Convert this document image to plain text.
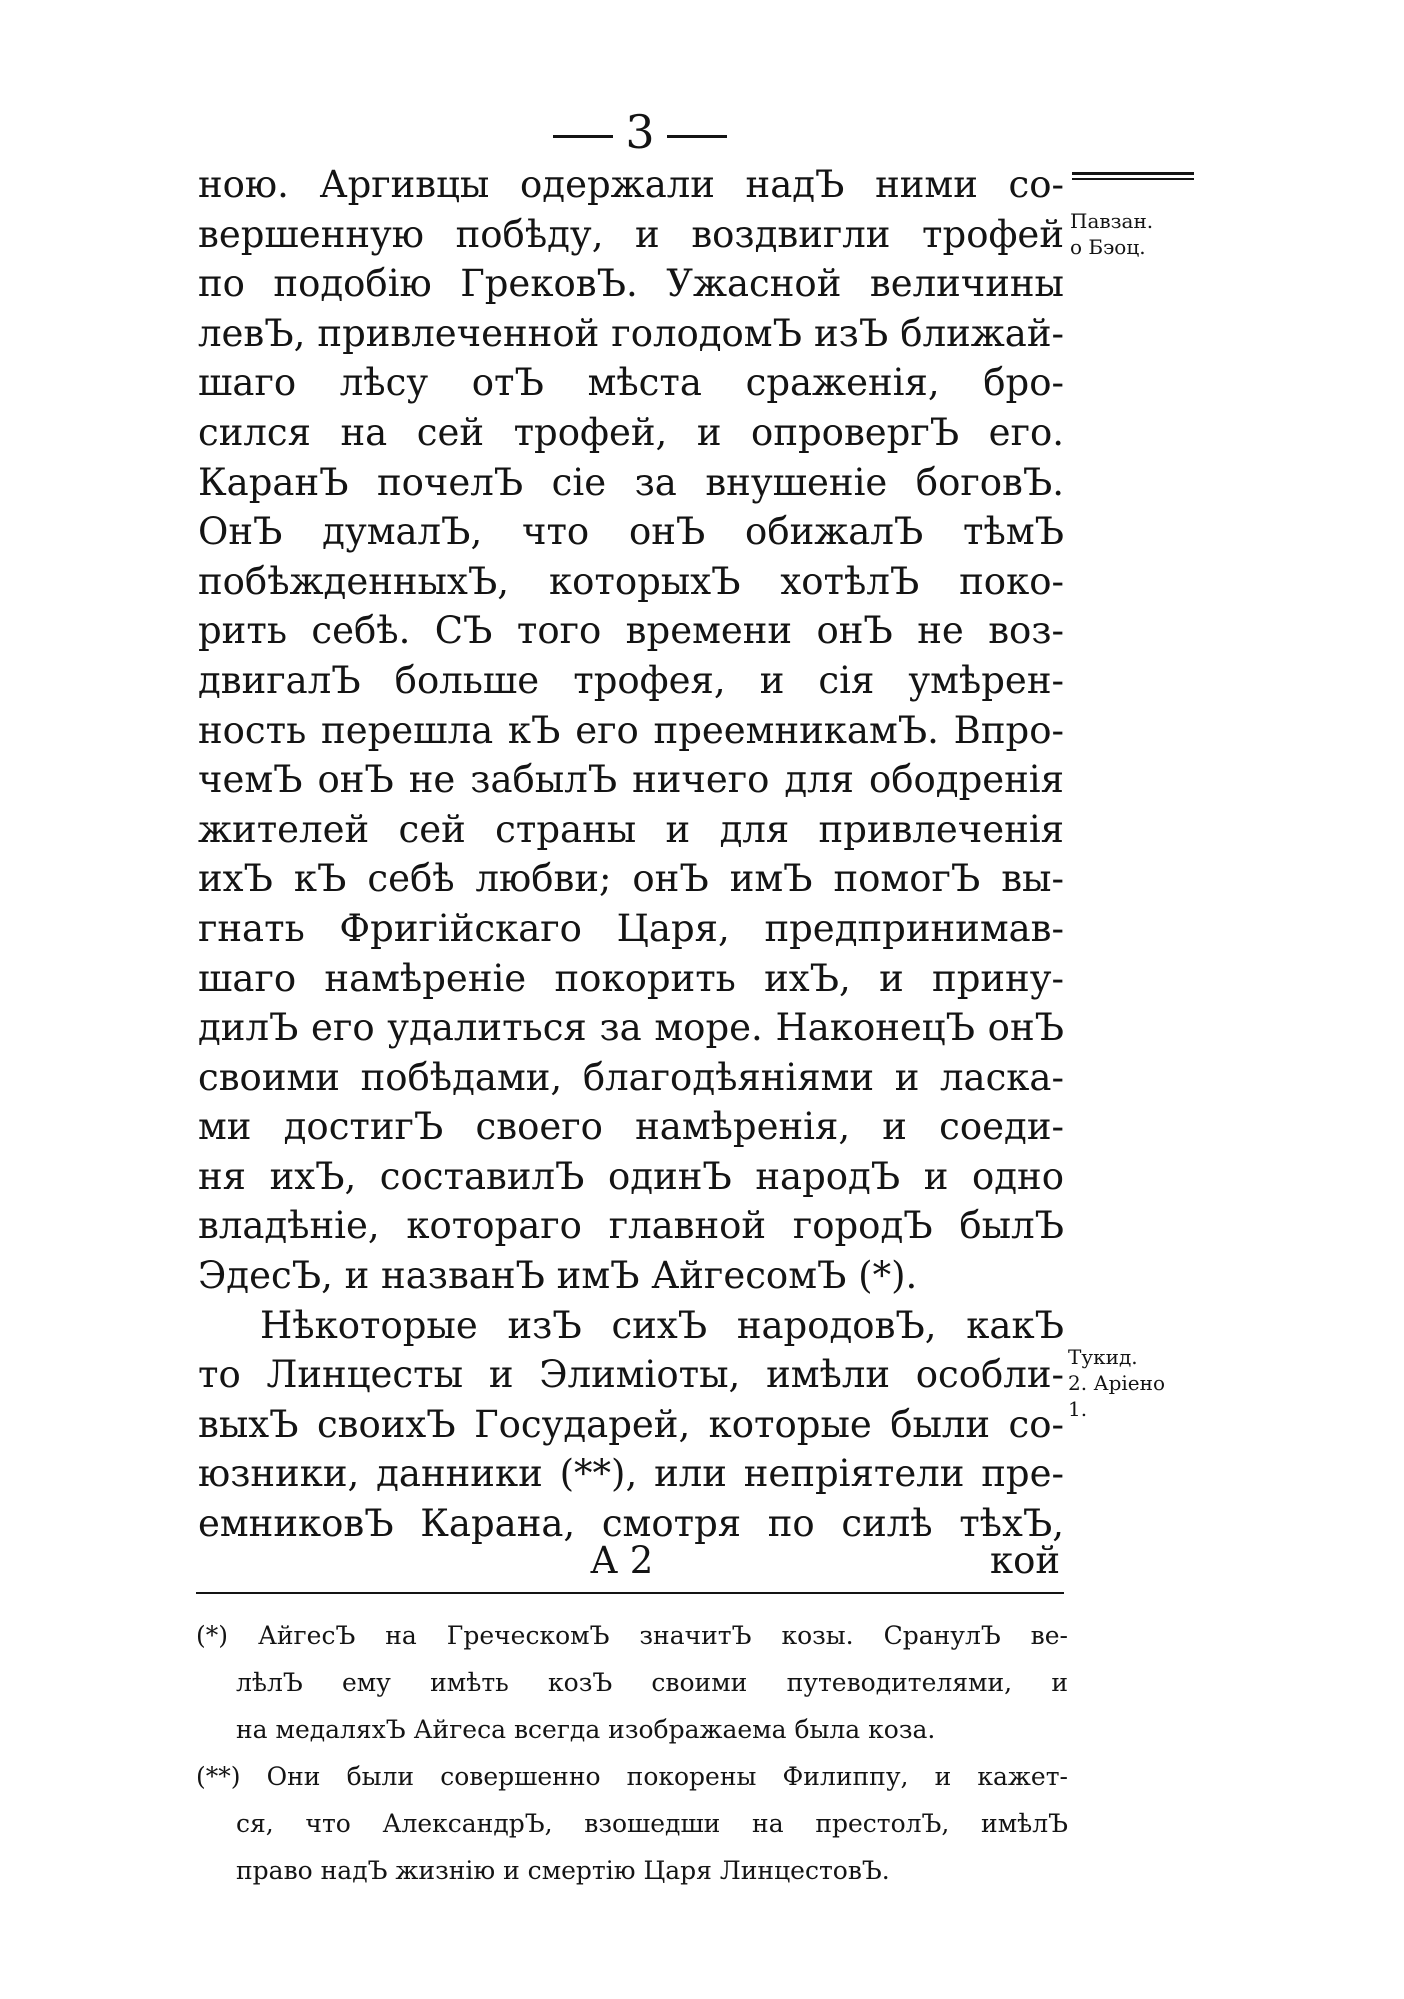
3
ною. Аргивцы одержали надЪ ними со-
вершенную побѣду, и воздвигли трофей
по подобію ГрековЪ. Ужасной величины
левЪ, привлеченной голодомЪ изЪ ближай-
шаго лѣсу отЪ мѣста сраженія, бро-
сился на сей трофей, и опровергЪ его.
КаранЪ почелЪ сіе за внушеніе боговЪ.
ОнЪ думалЪ, что онЪ обижалЪ тѣмЪ
побѣжденныхЪ, которыхЪ хотѣлЪ поко-
рить себѣ. СЪ того времени онЪ не воз-
двигалЪ больше трофея, и сія умѣрен-
ность перешла кЪ его преемникамЪ. Впро-
чемЪ онЪ не забылЪ ничего для ободренія
жителей сей страны и для привлеченія
ихЪ кЪ себѣ любви; онЪ имЪ помогЪ вы-
гнать Фригійскаго Царя, предпринимав-
шаго намѣреніе покорить ихЪ, и прину-
дилЪ его удалиться за море. НаконецЪ онЪ
своими побѣдами, благодѣяніями и ласка-
ми достигЪ своего намѣренія, и соеди-
ня ихЪ, составилЪ одинЪ народЪ и одно
владѣніе, котораго главной городЪ былЪ
ЭдесЪ, и названЪ имЪ АйгесомЪ (*).
Нѣкоторые изЪ сихЪ народовЪ, какЪ
то Линцесты и Элиміоты, имѣли особли-
выхЪ своихЪ Государей, которые были со-
юзники, данники (**), или непріятели пре-
емниковЪ Карана, смотря по силѣ тѣхЪ,
А 2	кой
(*) АйгесЪ на ГреческомЪ значитЪ козы. СранулЪ ве-
лѣлЪ ему имѣть козЪ своими путеводителями, и
на медаляхЪ Айгеса всегда изображаема была коза.
(**) Они были совершенно покорены Филиппу, и кажет-
ся, что АлександрЪ, взошедши на престолЪ, имѣлЪ
право надЪ жизнію и смертію Царя ЛинцестовЪ.
Павзан.
о Бэоц.
Тукид.
2. Аріено
1.
